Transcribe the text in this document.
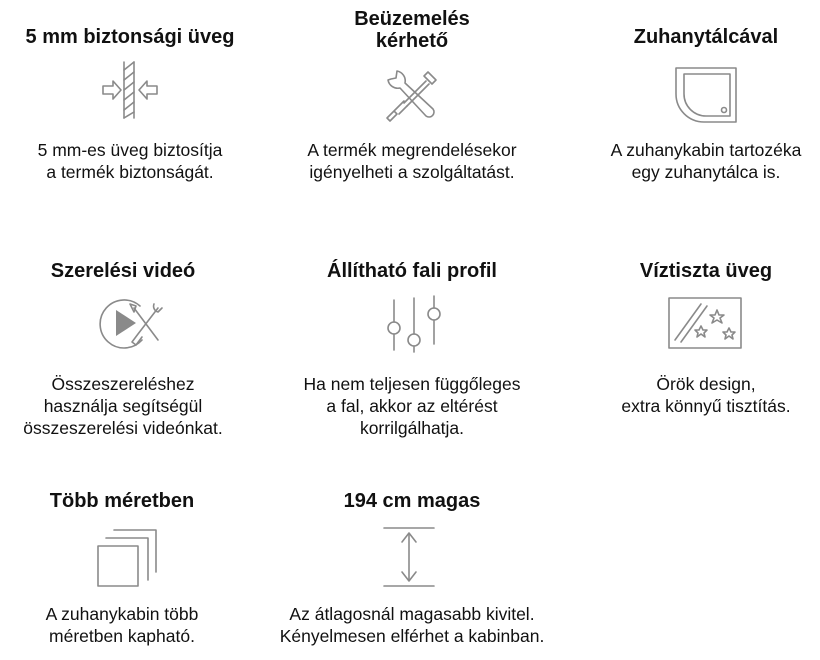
5 mm biztonsági üveg
5 mm-es üveg biztosítja
a termék biztonságát.
Beüzemelés
kérhető
A termék megrendelésekor
igényelheti a szolgáltatást.
Zuhanytálcával
A zuhanykabin tartozéka
egy zuhanytálca is.
Szerelési videó
Összeszereléshez
használja segítségül
összeszerelési videónkat.
Állítható fali profil
Ha nem teljesen függőleges
a fal, akkor az eltérést
korrilgálhatja.
Víztiszta üveg
Örök design,
extra könnyű tisztítás.
Több méretben
A zuhanykabin több
méretben kapható.
194 cm magas
Az átlagosnál magasabb kivitel.
Kényelmesen elférhet a kabinban.
